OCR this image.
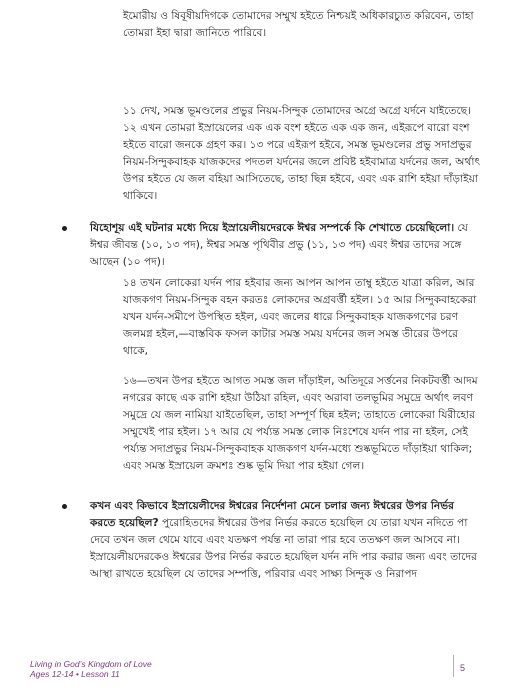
ইমোরীয় ও ষিবূষীয়দিগকে তোমাদের সম্মুখ হইতে নিশ্চয়ই অধিকারচ্যুত করিবেন, তাহা তোমরা ইহা দ্বারা জানিতে পারিবে।

১১ দেখ, সমস্ত ভূমণ্ডলের প্রভুর নিয়ম-সিন্দুক তোমাদের অগ্রে অগ্রে যর্দনে যাইতেছে। ১২ এখন তোমরা ইস্রায়েলের এক এক বংশ হইতে এক এক জন, এইরূপে বারো বংশ হইতে বারো জনকে গ্রহণ কর। ১৩ পরে এইরূপ হইবে, সমস্ত ভূমণ্ডলের প্রভু সদাপ্রভুর নিয়ম-সিন্দুকবাহক যাজকদের পদতল যর্দনের জলে প্রবিষ্ট হইবামাত্র যর্দনের জল, অর্থাৎ উপর হইতে যে জল বহিয়া আসিতেছে, তাহা ছিন্ন হইবে, এবং এক রাশি হইয়া দাঁড়াইয়া থাকিবে।

যিহোশূয় এই ঘটনার মধ্যে দিয়ে ইস্রায়েলীয়দেরকে ঈশ্বর সম্পর্কে কি শেখাতে চেয়েছিলো। যে ঈশ্বর জীবন্ত (১০, ১৩ পদ), ঈশ্বর সমস্ত পৃথিবীর প্রভু (১১, ১৩ পদ) এবং ঈশ্বর তাদের সঙ্গে আছেন (১০ পদ)।

১৪ তখন লোকেরা যর্দন পার হইবার জন্য আপন আপন তাম্বু হইতে যাত্রা করিল, আর যাজকগণ নিয়ম-সিন্দুক বহন করতঃ লোকদের অগ্রবর্ত্তী হইল। ১৫ আর সিন্দুকবাহকেরা যখন যর্দন-সমীপে উপস্থিত হইল, এবং জলের ধারে সিন্দুকবাহক যাজকগণের চরণ জলমগ্ন হইল,—বাস্তবিক ফসল কাটার সমস্ত সময় যর্দনের জল সমস্ত তীরের উপরে থাকে,

১৬—তখন উপর হইতে আগত সমস্ত জল দাঁড়াইল, অতিদূরে সর্ত্তনের নিকটবর্ত্তী আদম নগরের কাছে এক রাশি হইয়া উঠিয়া রহিল, এবং অরাবা তলভূমির সমুদ্রে অর্থাৎ লবণ সমুদ্রে যে জল নামিয়া যাইতেছিল, তাহা সম্পূর্ণ ছিন্ন হইল; তাহাতে লোকেরা যিরীহোর সম্মুখেই পার হইল। ১৭ আর যে পর্য্যন্ত সমস্ত লোক নিঃশেষে যর্দন পার না হইল, সেই পর্য্যন্ত সদাপ্রভুর নিয়ম-সিন্দুকবাহক যাজকগণ যর্দন-মধ্যে শুষ্কভূমিতে দাঁড়াইয়া থাকিল; এবং সমস্ত ইস্রায়েল ক্রমশঃ শুষ্ক ভূমি দিয়া পার হইয়া গেল।

কখন এবং কিভাবে ইস্রায়েলীদের ঈশ্বরের নির্দেশনা মেনে চলার জন্য ঈশ্বরের উপর নির্ভর করতে হয়েছিল? পুরোহিতদের ঈশ্বরের উপর নির্ভর করতে হয়েছিল যে তারা যখন নদিতে পা দেবে তখন জল থেমে যাবে এবং যতক্ষণ পর্যন্ত না তারা পার হবে ততক্ষণ জল আসবে না। ইস্রায়েলীয়দেরকেও ঈশ্বরের উপর নির্ভর করতে হয়েছিল যর্দন নদি পার করার জন্য এবং তাদের আস্থা রাখতে হয়েছিল যে তাদের সম্পত্তি, পরিবার এবং সাক্ষ্য সিন্দুক ও নিরাপদ
Living in God’s Kingdom of Love
Ages 12-14 • Lesson 11
5
